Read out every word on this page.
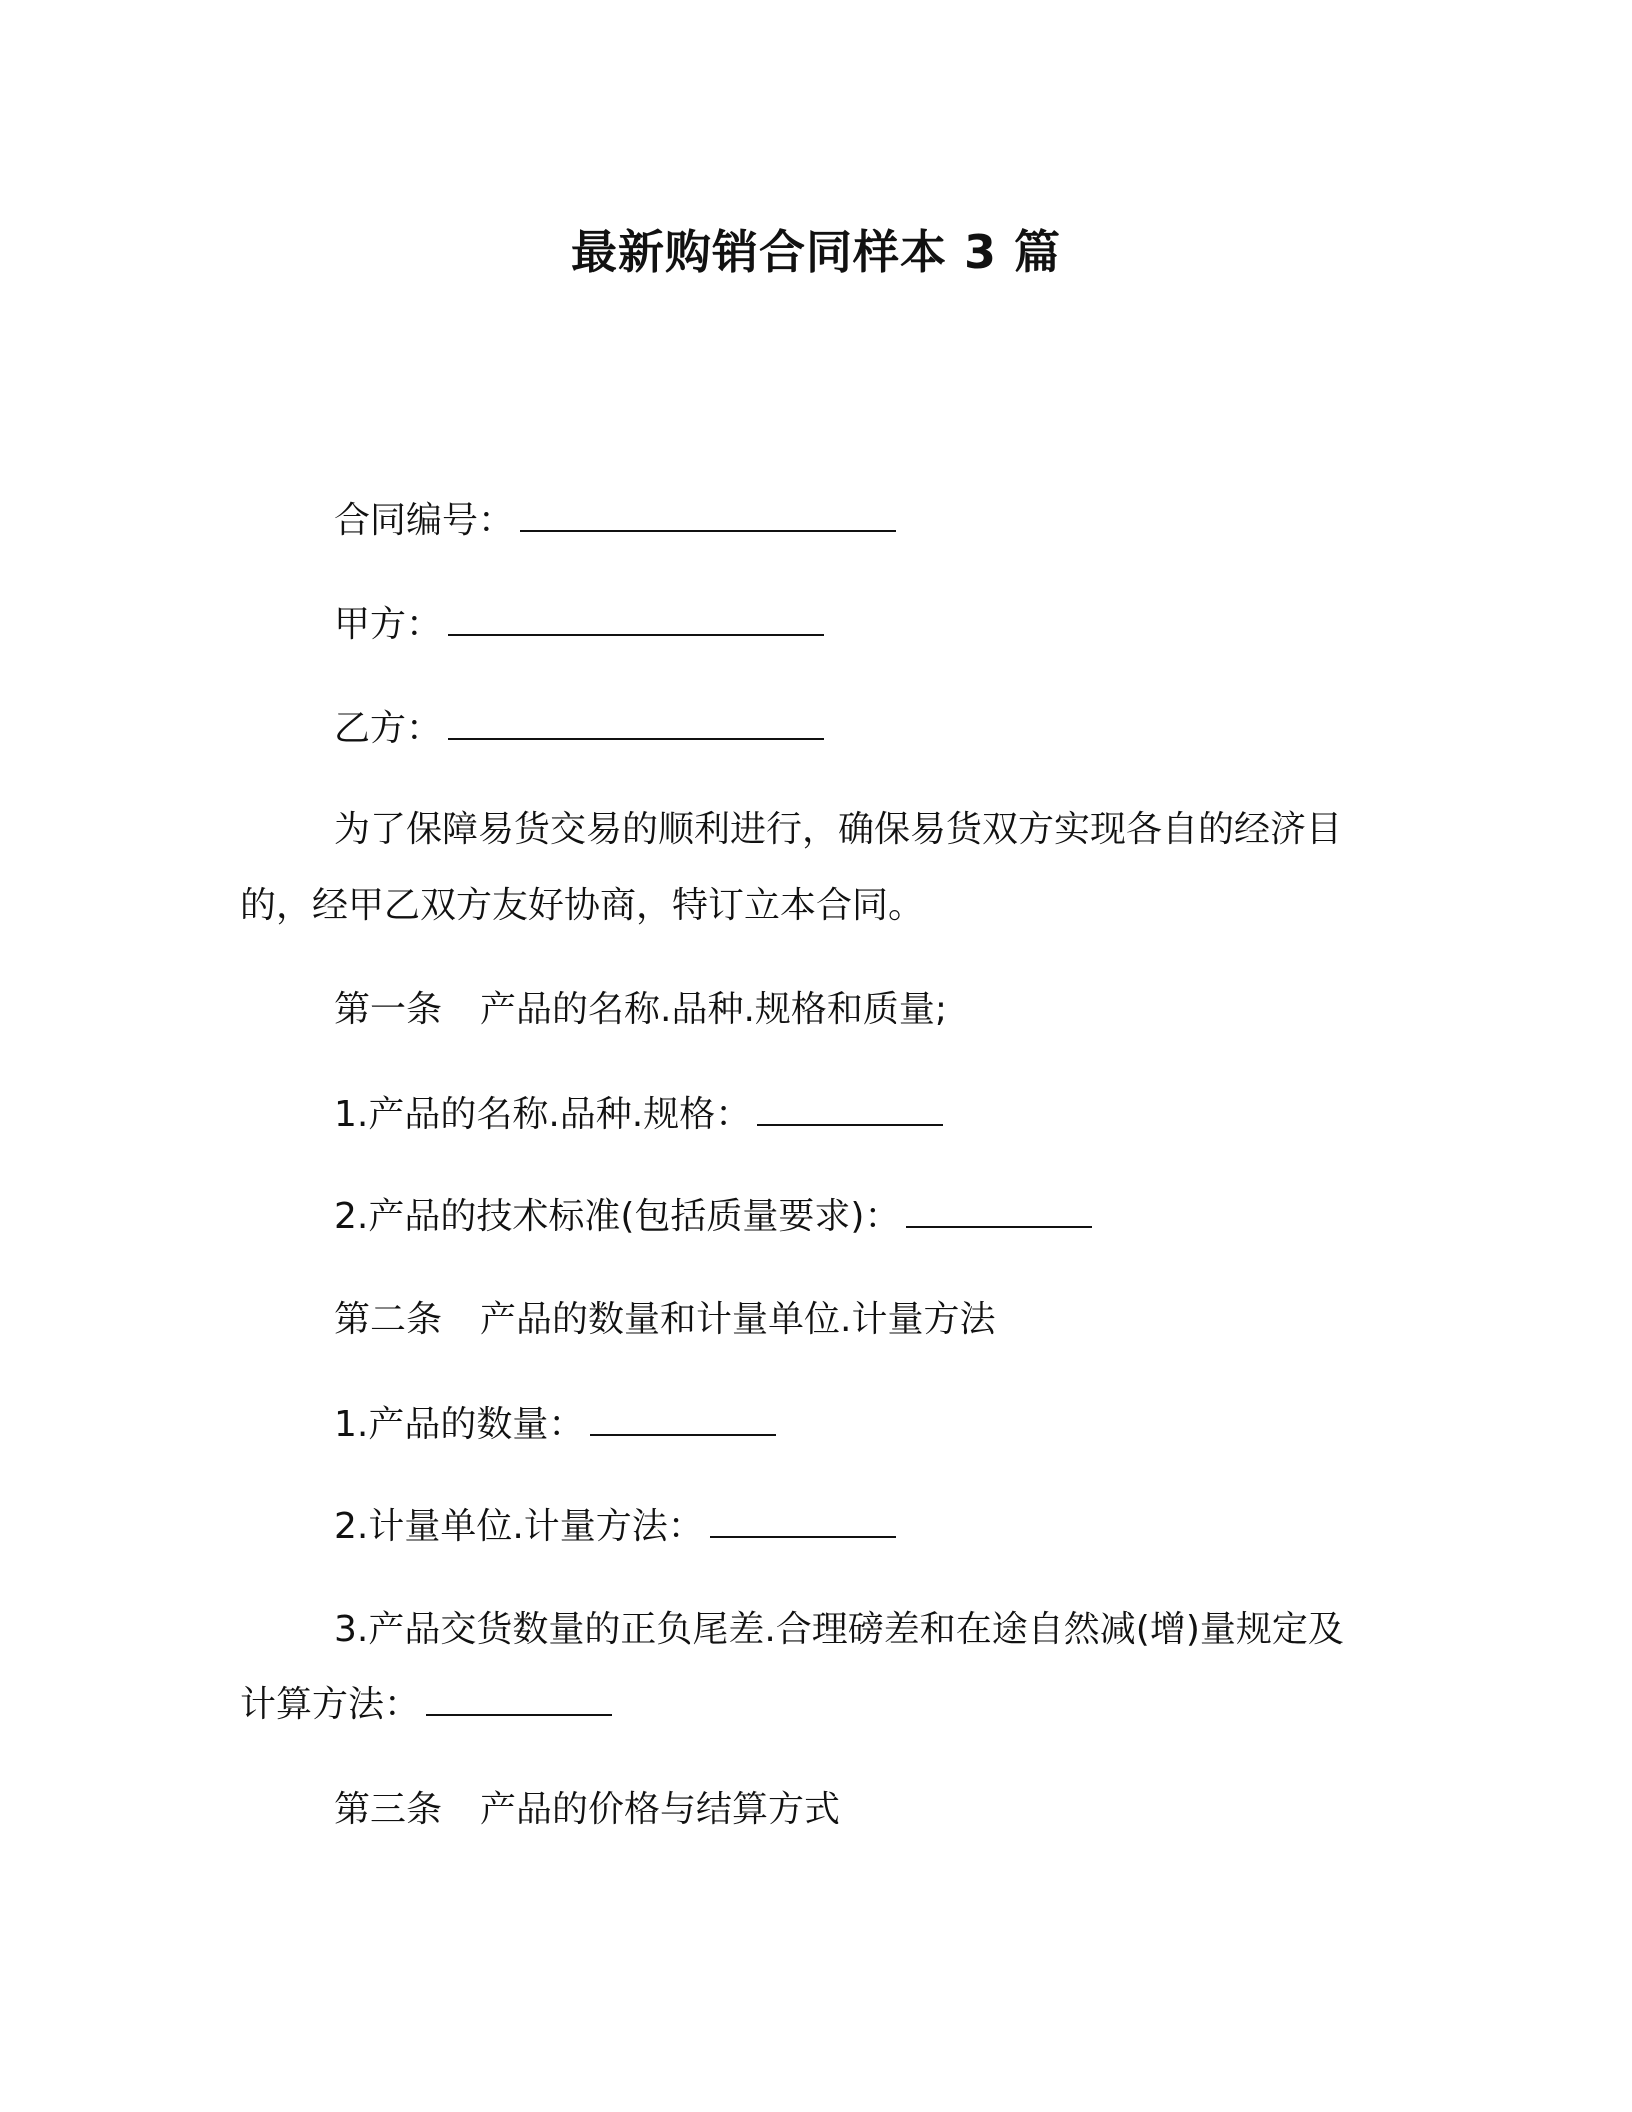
最新购销合同样本 3 篇
合同编号：
甲方：
乙方：
为了保障易货交易的顺利进行，确保易货双方实现各自的经济目
的，经甲乙双方友好协商，特订立本合同。
第一条 产品的名称.品种.规格和质量;
1.产品的名称.品种.规格：
2.产品的技术标准(包括质量要求)：
第二条 产品的数量和计量单位.计量方法
1.产品的数量：
2.计量单位.计量方法：
3.产品交货数量的正负尾差.合理磅差和在途自然减(增)量规定及
计算方法：
第三条 产品的价格与结算方式
